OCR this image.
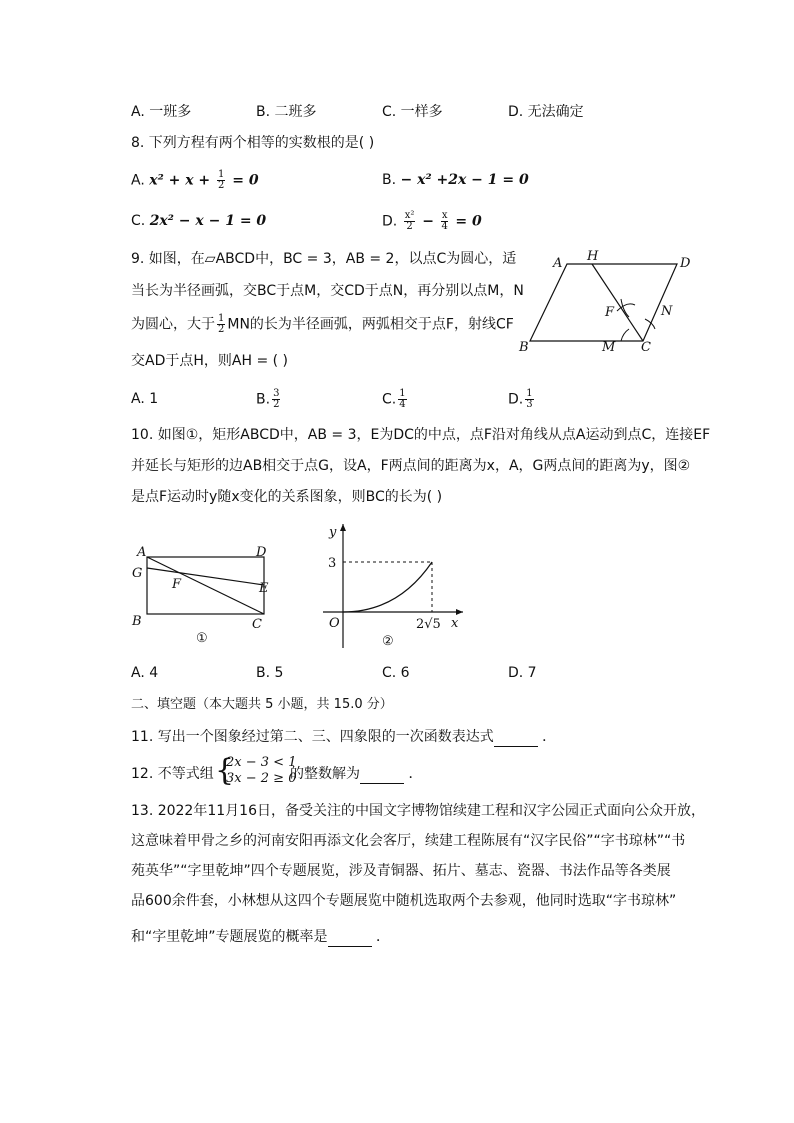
A. 一班多	B. 二班多	C. 一样多	D. 无法确定
8. 下列方程有两个相等的实数根的是( )
A. $x^2 + x + \frac{1}{2} = 0$	B. − x² +2x − 1 = 0
C. 2x² − x − 1 = 0	D. $\frac{\text{x²}}{2} - \frac{x}{4} = 0$
9. 如图，在▱ABCD中，BC = 3，AB = 2，以点C为圆心，适
当长为半径画弧，交BC于点M，交CD于点N，再分别以点M，N
为圆心，大于 $\frac{1}{2}$ MN的长为半径画弧，两弧相交于点F，射线CF
交AD于点H，则AH = ( )
A H	D
F	N
B	M C
A. 1	B. $\frac{3}{2}$	C. $\frac{1}{4}$	D. $\frac{1}{3}$
10. 如图①，矩形ABCD中，AB = 3，E为DC的中点，点F沿对角线从点A运动到点C，连接EF
并延长与矩形的边AB相交于点G，设A，F两点间的距离为x，A，G两点间的距离为y，图②
是点F运动时y随x变化的关系图象，则BC的长为( )
A	D
G
F	E
B	C
①
y
3
O	2√5 x
②
A. 4	B. 5	C. 6	D. 7
二、填空题（本大题共 5 小题，共 15.0 分）
11. 写出一个图象经过第二、三、四象限的一次函数表达式	．
12. 不等式组 {
2x − 3 < 1
3x − 2 ≥ 0
的整数解为	．
13. 2022年11月16日，备受关注的中国文字博物馆续建工程和汉字公园正式面向公众开放，
这意味着甲骨之乡的河南安阳再添文化会客厅，续建工程陈展有“汉字民俗”“字书琼林”“书
苑英华”“字里乾坤”四个专题展览，涉及青铜器、拓片、墓志、瓷器、书法作品等各类展
品600余件套，小林想从这四个专题展览中随机选取两个去参观，他同时选取“字书琼林”
和“字里乾坤”专题展览的概率是	．
